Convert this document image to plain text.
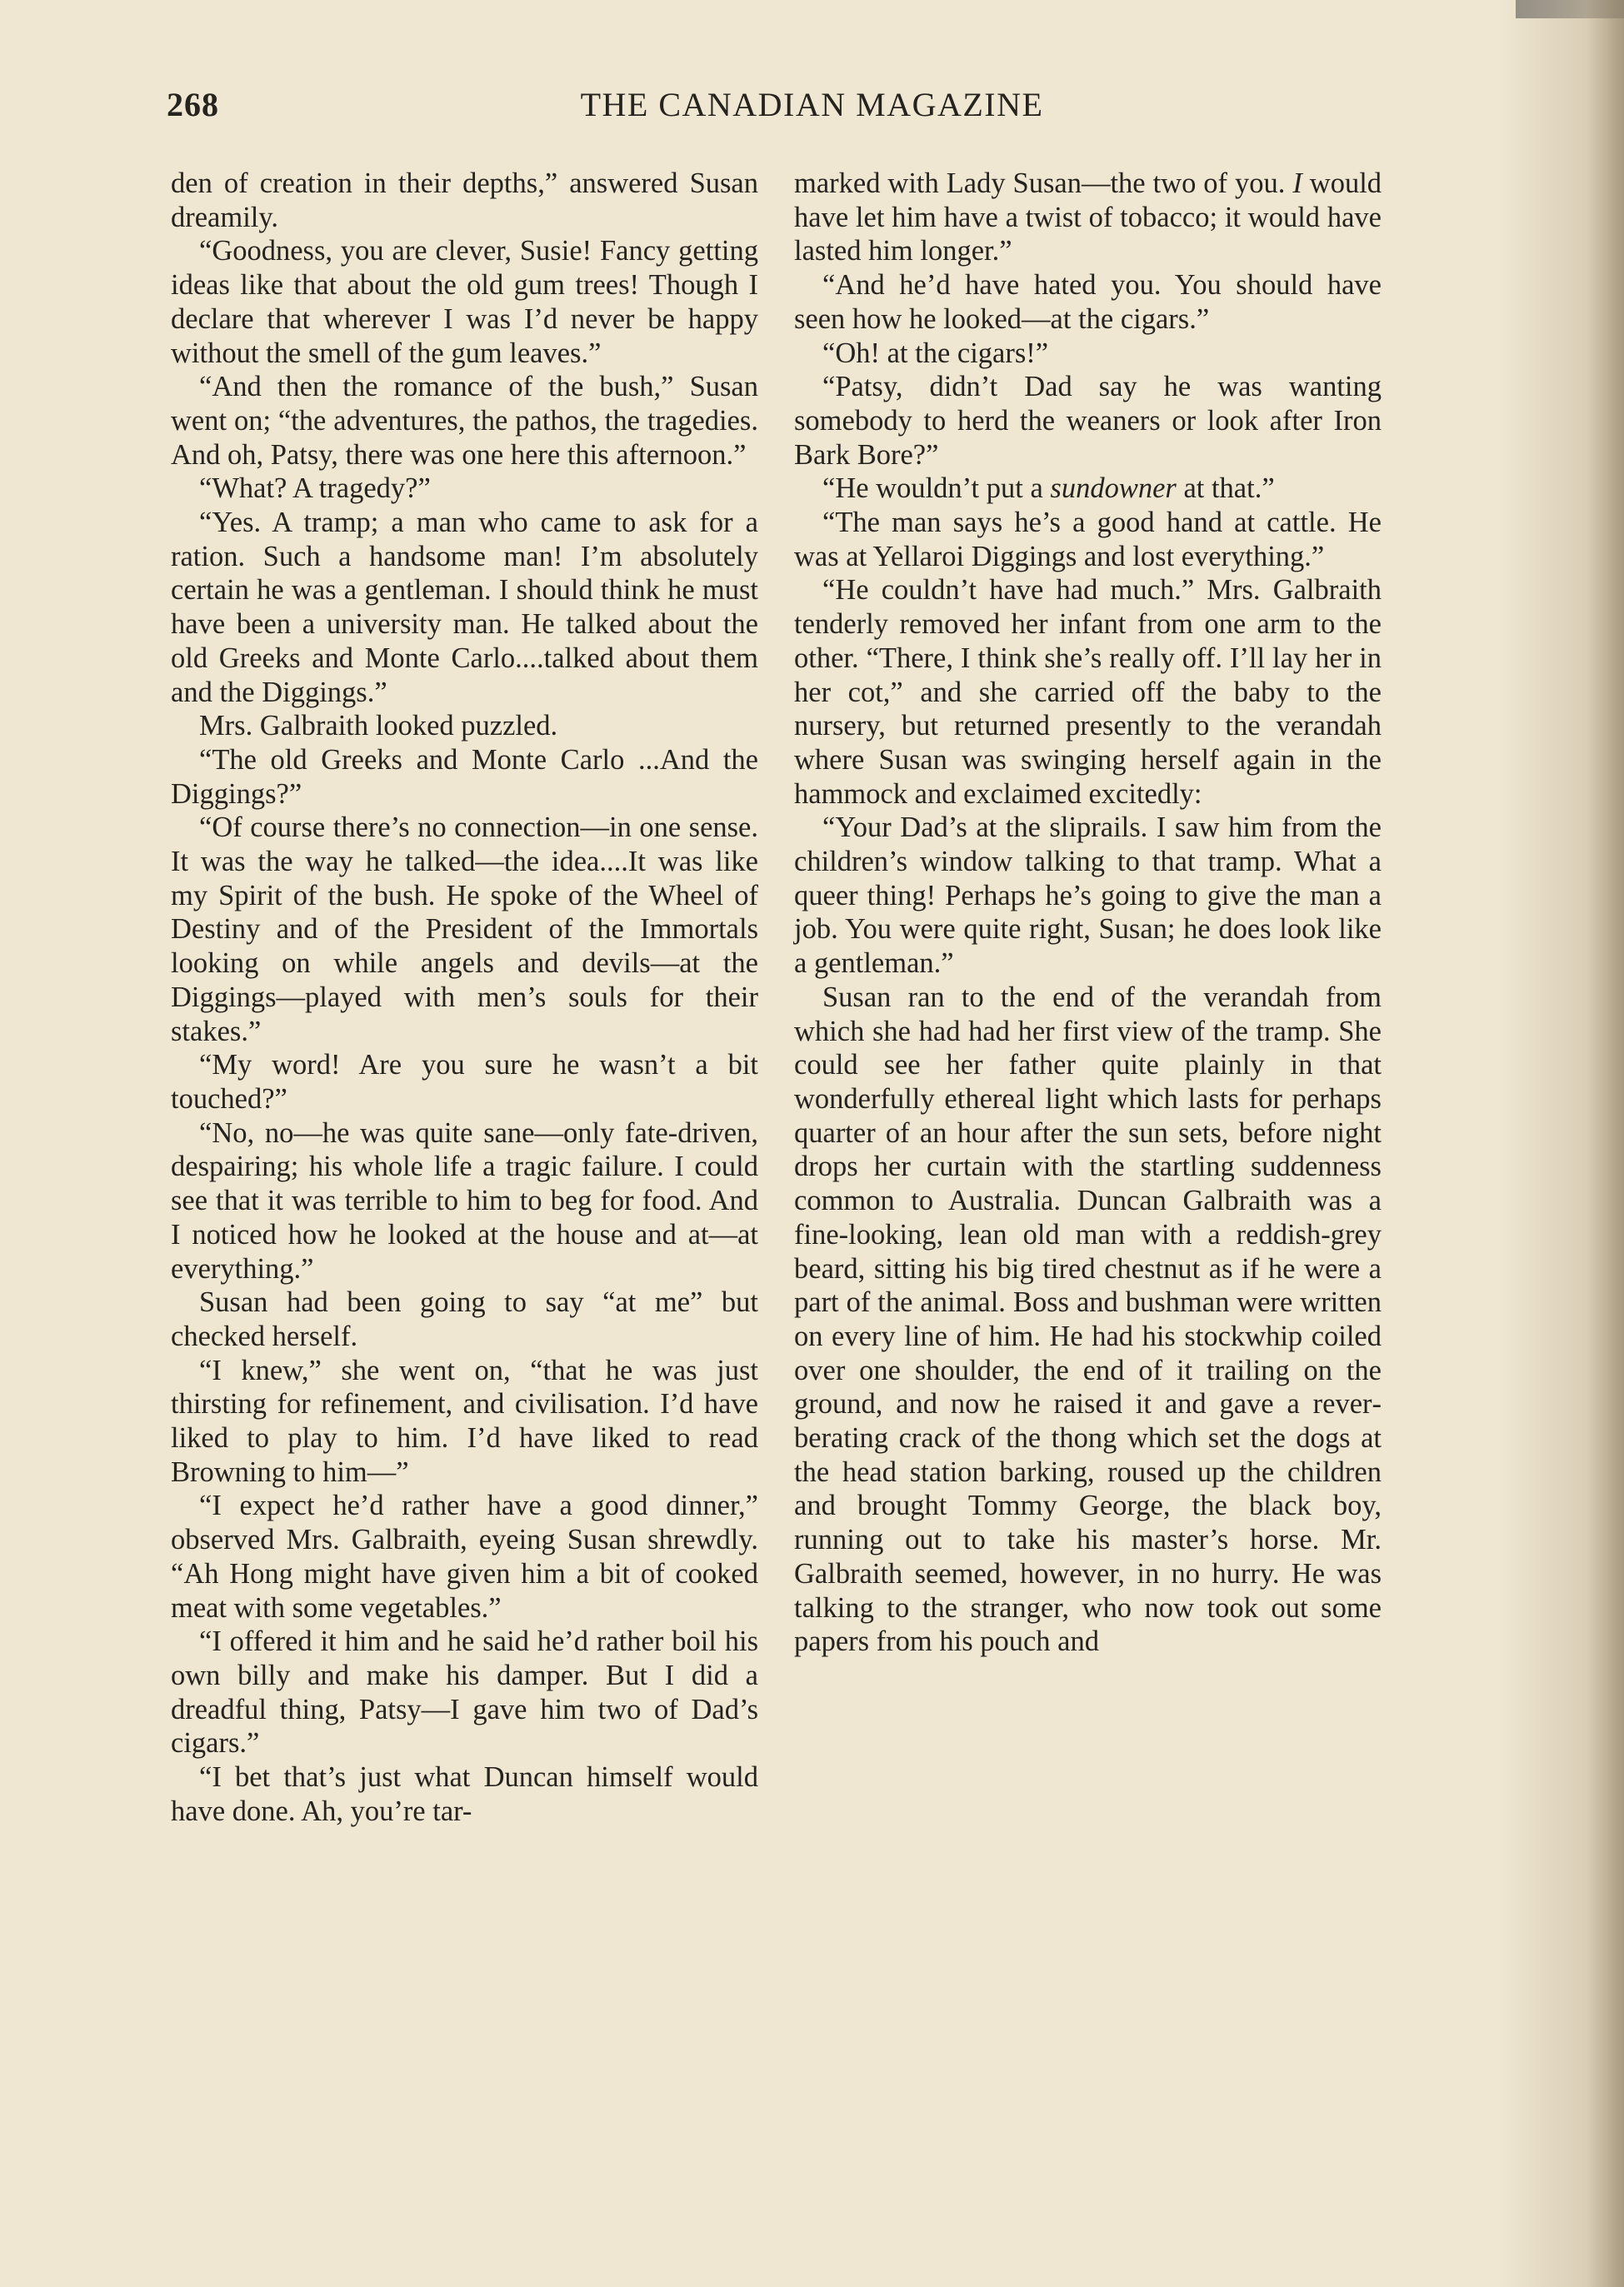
268	THE CANADIAN MAGAZINE

den of creation in their depths,” answered Susan dreamily.

“Goodness, you are clever, Susie! Fancy getting ideas like that about the old gum trees! Though I declare that wherever I was I’d never be happy without the smell of the gum leaves.”

“And then the romance of the bush,” Susan went on; “the adventures, the pathos, the tragedies. And oh, Patsy, there was one here this afternoon.”

“What? A tragedy?”

“Yes. A tramp; a man who came to ask for a ration. Such a handsome man! I’m absolutely certain he was a gentleman. I should think he must have been a university man. He talked about the old Greeks and Monte Carlo....talked about them and the Diggings.”

Mrs. Galbraith looked puzzled.

“The old Greeks and Monte Carlo ...And the Diggings?”

“Of course there’s no connection—in one sense. It was the way he talked—the idea....It was like my Spirit of the bush. He spoke of the Wheel of Destiny and of the President of the Immortals looking on while angels and devils—at the Diggings—played with men’s souls for their stakes.”

“My word! Are you sure he wasn’t a bit touched?”

“No, no—he was quite sane—only fate-driven, despairing; his whole life a tragic failure. I could see that it was terrible to him to beg for food. And I noticed how he looked at the house and at—at everything.”

Susan had been going to say “at me” but checked herself.

“I knew,” she went on, “that he was just thirsting for refinement, and civilisation. I’d have liked to play to him. I’d have liked to read Browning to him—”

“I expect he’d rather have a good dinner,” observed Mrs. Galbraith, eyeing Susan shrewdly. “Ah Hong might have given him a bit of cooked meat with some vegetables.”

“I offered it him and he said he’d rather boil his own billy and make his damper. But I did a dreadful thing, Patsy—I gave him two of Dad’s cigars.”

“I bet that’s just what Duncan himself would have done. Ah, you’re tar-

marked with Lady Susan—the two of you. I would have let him have a twist of tobacco; it would have lasted him longer.”

“And he’d have hated you. You should have seen how he looked—at the cigars.”

“Oh! at the cigars!”

“Patsy, didn’t Dad say he was wanting somebody to herd the weaners or look after Iron Bark Bore?”

“He wouldn’t put a sundowner at that.”

“The man says he’s a good hand at cattle. He was at Yellaroi Diggings and lost everything.”

“He couldn’t have had much.” Mrs. Galbraith tenderly removed her infant from one arm to the other. “There, I think she’s really off. I’ll lay her in her cot,” and she carried off the baby to the nursery, but returned presently to the verandah where Susan was swinging herself again in the hammock and exclaimed excitedly:

“Your Dad’s at the sliprails. I saw him from the children’s window talking to that tramp. What a queer thing! Perhaps he’s going to give the man a job. You were quite right, Susan; he does look like a gentleman.”

Susan ran to the end of the verandah from which she had had her first view of the tramp. She could see her father quite plainly in that wonderfully ethereal light which lasts for perhaps quarter of an hour after the sun sets, before night drops her curtain with the startling suddenness common to Australia. Duncan Galbraith was a fine-looking, lean old man with a reddish-grey beard, sitting his big tired chestnut as if he were a part of the animal. Boss and bushman were written on every line of him. He had his stockwhip coiled over one shoulder, the end of it trailing on the ground, and now he raised it and gave a reverberating crack of the thong which set the dogs at the head station barking, roused up the children and brought Tommy George, the black boy, running out to take his master’s horse. Mr. Galbraith seemed, however, in no hurry. He was talking to the stranger, who now took out some papers from his pouch and
